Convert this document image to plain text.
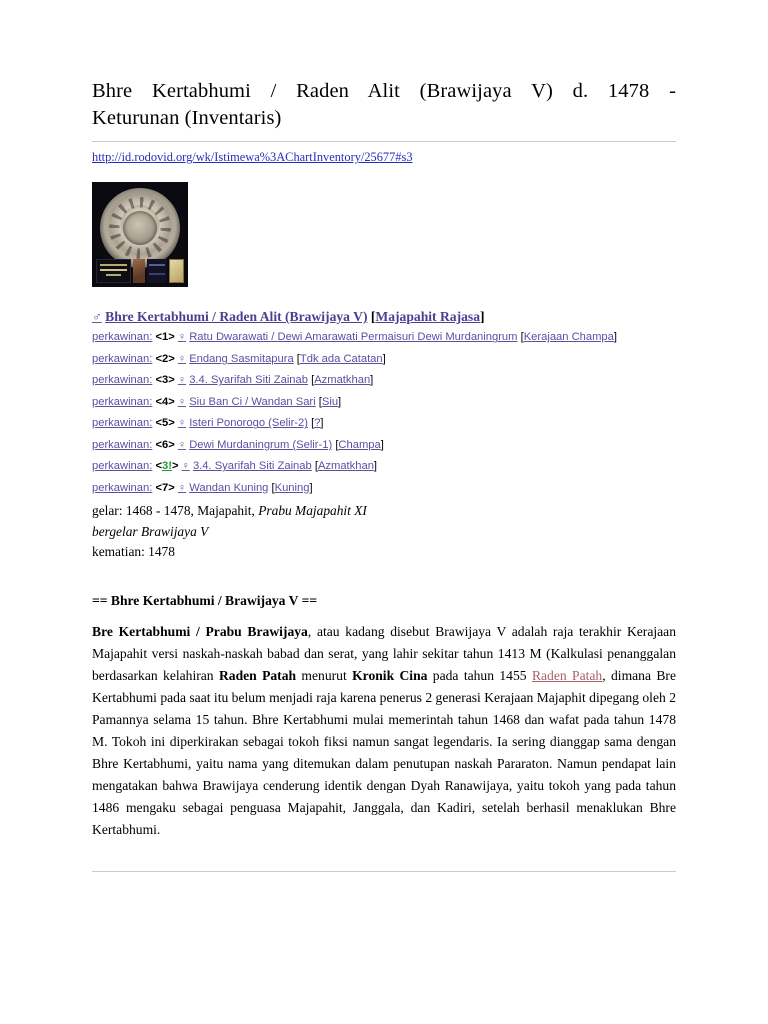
Bhre Kertabhumi / Raden Alit (Brawijaya V) d. 1478 -
Keturunan (Inventaris)
http://id.rodovid.org/wk/Istimewa%3AChartInventory/25677#s3
♂ Bhre Kertabhumi / Raden Alit (Brawijaya V) [Majapahit Rajasa]
perkawinan: <1> ♀ Ratu Dwarawati / Dewi Amarawati Permaisuri Dewi Murdaningrum [Kerajaan Champa]
perkawinan: <2> ♀ Endang Sasmitapura [Tdk ada Catatan]
perkawinan: <3> ♀ 3.4. Syarifah Siti Zainab [Azmatkhan]
perkawinan: <4> ♀ Siu Ban Ci / Wandan Sari [Siu]
perkawinan: <5> ♀ Isteri Ponorogo (Selir-2) [?]
perkawinan: <6> ♀ Dewi Murdaningrum (Selir-1) [Champa]
perkawinan: <3!> ♀ 3.4. Syarifah Siti Zainab [Azmatkhan]
perkawinan: <7> ♀ Wandan Kuning [Kuning]
gelar: 1468 - 1478, Majapahit, Prabu Majapahit XI
bergelar Brawijaya V
kematian: 1478
== Bhre Kertabhumi / Brawijaya V ==

Bre Kertabhumi / Prabu Brawijaya, atau kadang disebut Brawijaya V adalah raja terakhir Kerajaan Majapahit versi naskah-naskah babad dan serat, yang lahir sekitar tahun 1413 M (Kalkulasi penanggalan berdasarkan kelahiran Raden Patah menurut Kronik Cina pada tahun 1455 Raden Patah, dimana Bre Kertabhumi pada saat itu belum menjadi raja karena penerus 2 generasi Kerajaan Majaphit dipegang oleh 2 Pamannya selama 15 tahun. Bhre Kertabhumi mulai memerintah tahun 1468 dan wafat pada tahun 1478 M. Tokoh ini diperkirakan sebagai tokoh fiksi namun sangat legendaris. Ia sering dianggap sama dengan Bhre Kertabhumi, yaitu nama yang ditemukan dalam penutupan naskah Pararaton. Namun pendapat lain mengatakan bahwa Brawijaya cenderung identik dengan Dyah Ranawijaya, yaitu tokoh yang pada tahun 1486 mengaku sebagai penguasa Majapahit, Janggala, dan Kadiri, setelah berhasil menaklukan Bhre Kertabhumi.
